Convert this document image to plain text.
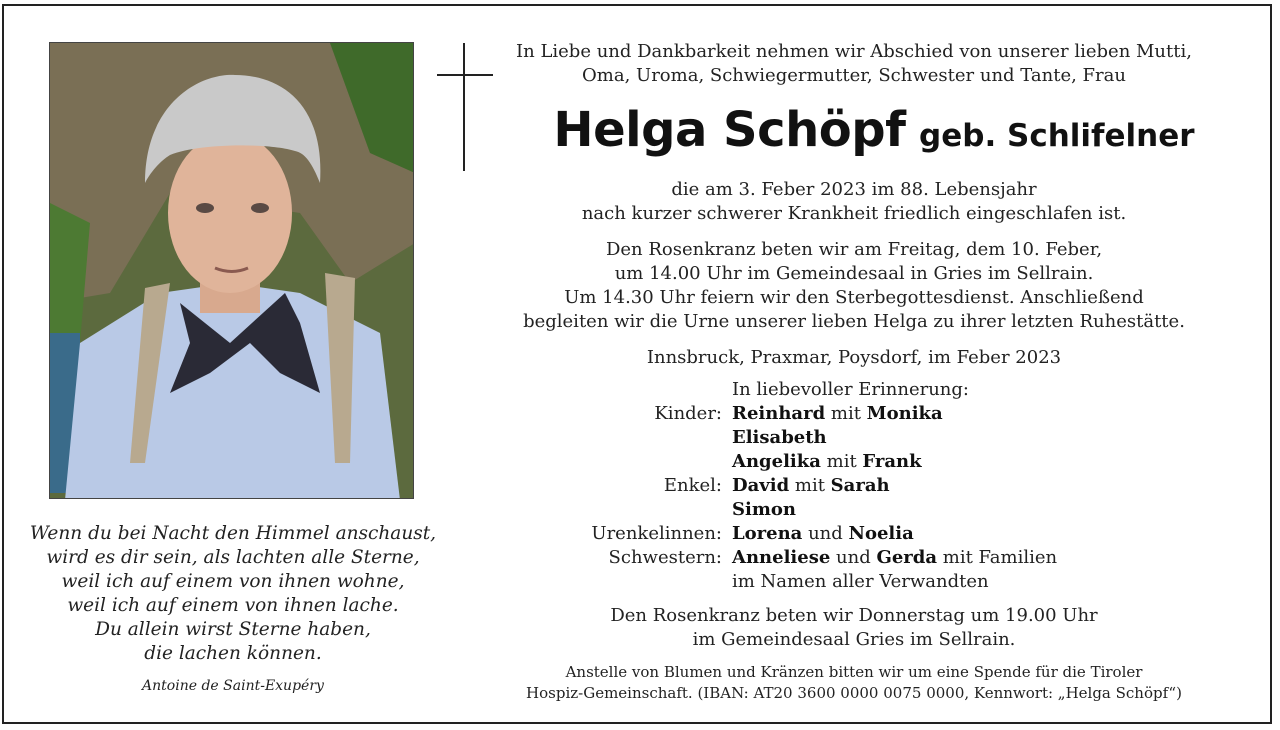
Wenn du bei Nacht den Himmel anschaust,
wird es dir sein, als lachten alle Sterne,
weil ich auf einem von ihnen wohne,
weil ich auf einem von ihnen lache.
Du allein wirst Sterne haben,
die lachen können.
Antoine de Saint-Exupéry
In Liebe und Dankbarkeit nehmen wir Abschied von unserer lieben Mutti,
Oma, Uroma, Schwiegermutter, Schwester und Tante, Frau
Helga Schöpf geb. Schlifelner
die am 3. Feber 2023 im 88. Lebensjahr
nach kurzer schwerer Krankheit friedlich eingeschlafen ist.
Den Rosenkranz beten wir am Freitag, dem 10. Feber,
um 14.00 Uhr im Gemeindesaal in Gries im Sellrain.
Um 14.30 Uhr feiern wir den Sterbegottesdienst. Anschließend
begleiten wir die Urne unserer lieben Helga zu ihrer letzten Ruhestätte.
Innsbruck, Praxmar, Poysdorf, im Feber 2023
In liebevoller Erinnerung:
Kinder: Reinhard mit Monika
Elisabeth
Angelika mit Frank
Enkel: David mit Sarah
Simon
Urenkelinnen: Lorena und Noelia
Schwestern: Anneliese und Gerda mit Familien
im Namen aller Verwandten
Den Rosenkranz beten wir Donnerstag um 19.00 Uhr
im Gemeindesaal Gries im Sellrain.
Anstelle von Blumen und Kränzen bitten wir um eine Spende für die Tiroler
Hospiz-Gemeinschaft. (IBAN: AT20 3600 0000 0075 0000, Kennwort: „Helga Schöpf“)
